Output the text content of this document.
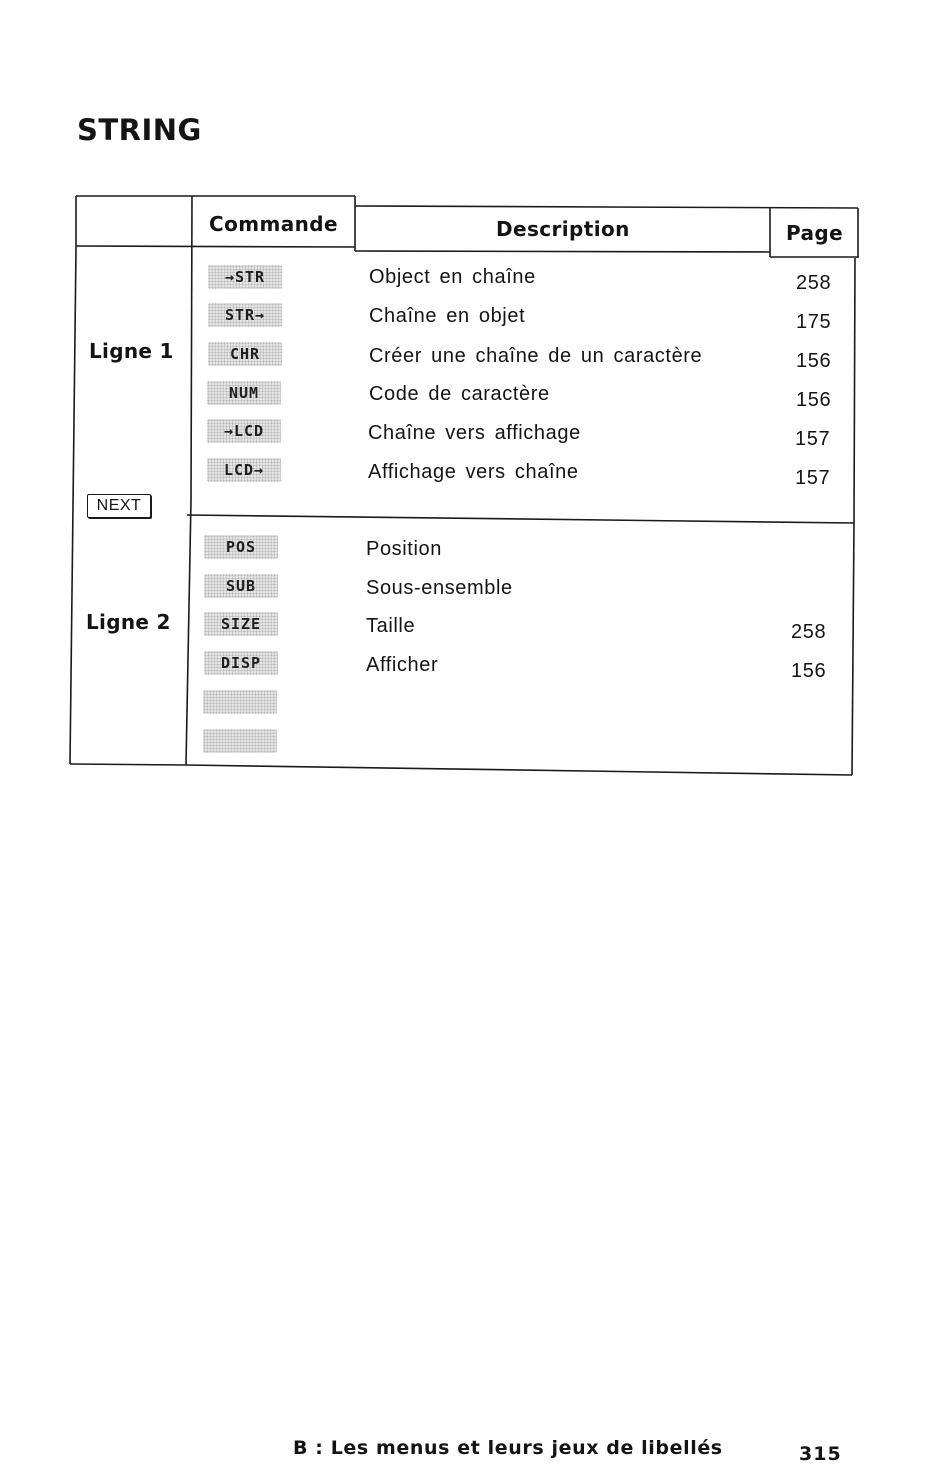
STRING
Commande	Description	Page
Ligne 1
NEXT
Ligne 2
→STR	Object en chaîne	258
STR→	Chaîne en objet	175
CHR	Créer une chaîne de un caractère	156
NUM	Code de caractère	156
→LCD	Chaîne vers affichage	157
LCD→	Affichage vers chaîne	157
POS	Position
SUB	Sous-ensemble
SIZE	Taille	258
DISP	Afficher	156
B : Les menus et leurs jeux de libellés	315
